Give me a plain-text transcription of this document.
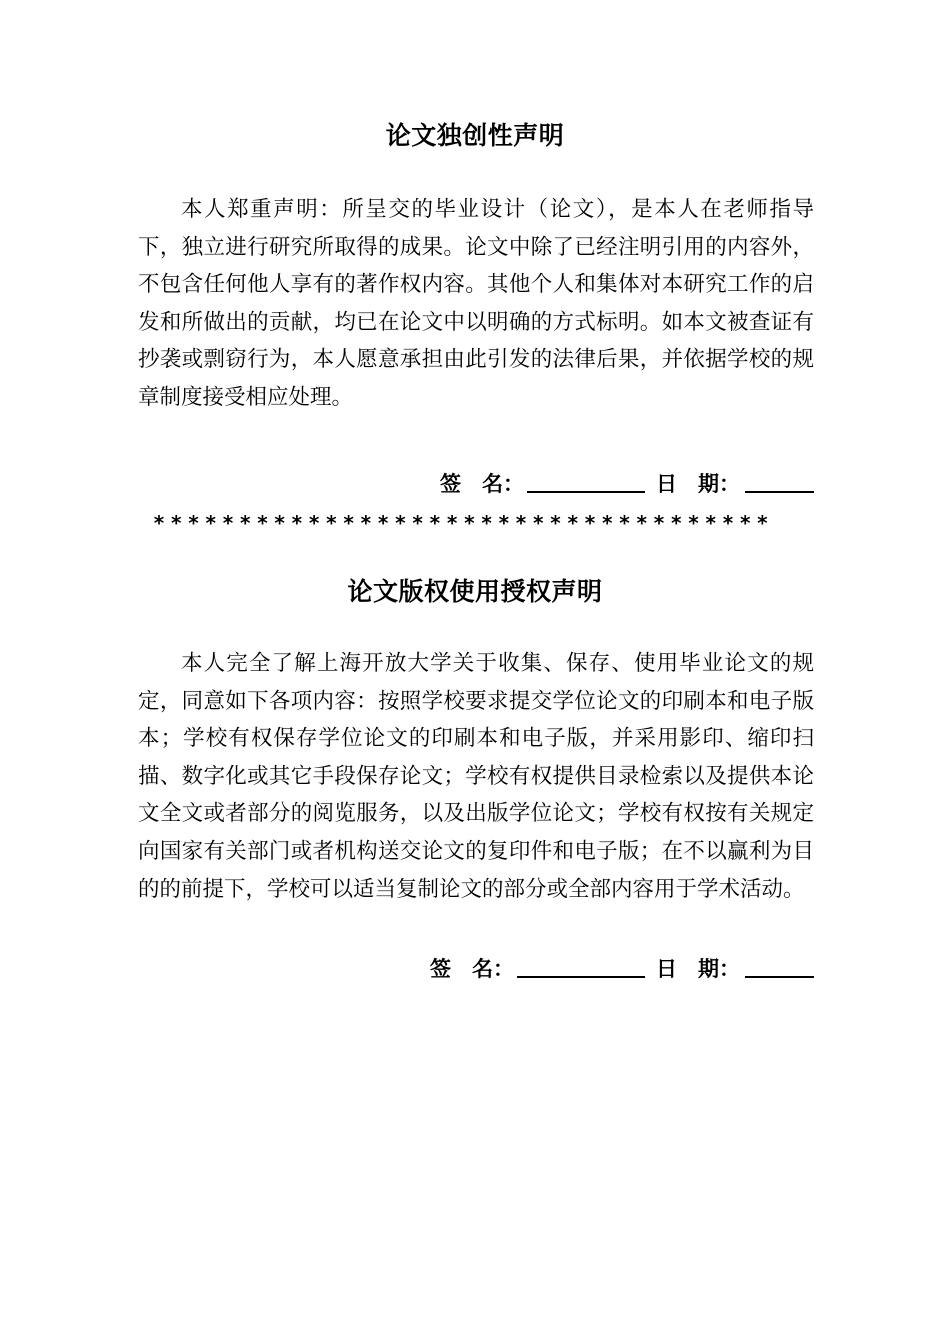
论文独创性声明

本人郑重声明：所呈交的毕业设计（论文），是本人在老师指导下，独立进行研究所取得的成果。论文中除了已经注明引用的内容外，不包含任何他人享有的著作权内容。其他个人和集体对本研究工作的启发和所做出的贡献，均已在论文中以明确的方式标明。如本文被查证有抄袭或剽窃行为，本人愿意承担由此引发的法律后果，并依据学校的规章制度接受相应处理。

签　名：	日　期：
************************************
论文版权使用授权声明

本人完全了解上海开放大学关于收集、保存、使用毕业论文的规定，同意如下各项内容：按照学校要求提交学位论文的印刷本和电子版本；学校有权保存学位论文的印刷本和电子版，并采用影印、缩印扫描、数字化或其它手段保存论文；学校有权提供目录检索以及提供本论文全文或者部分的阅览服务，以及出版学位论文；学校有权按有关规定向国家有关部门或者机构送交论文的复印件和电子版；在不以赢利为目的的前提下，学校可以适当复制论文的部分或全部内容用于学术活动。

签　名：	日　期：
